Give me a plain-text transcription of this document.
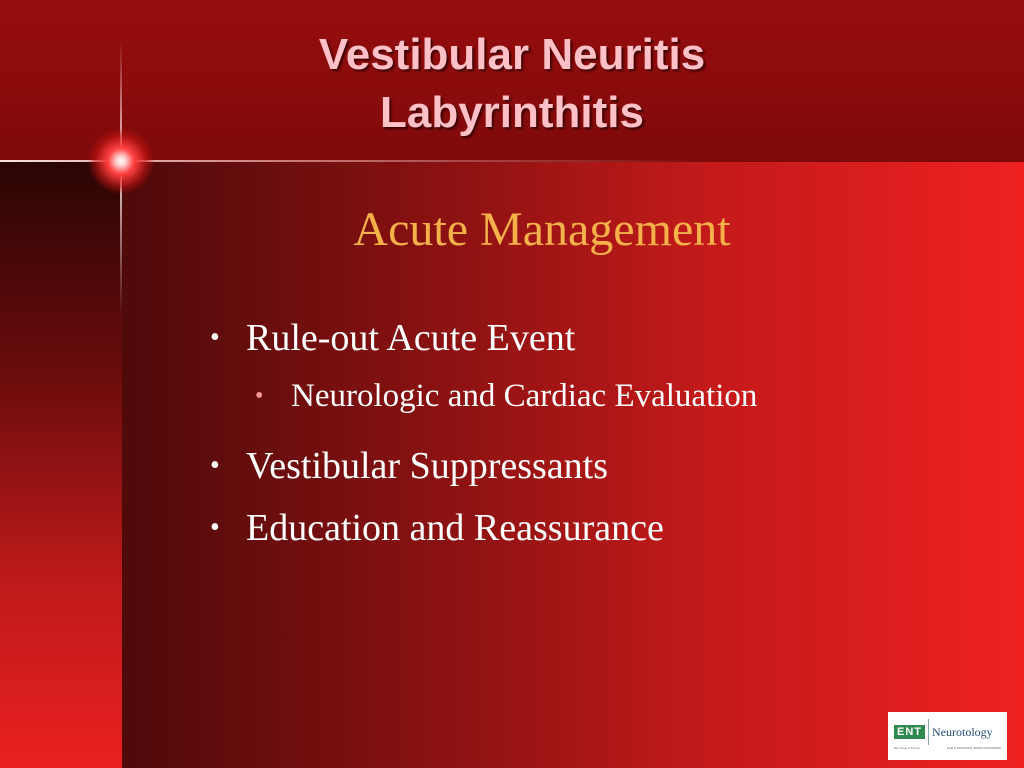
Vestibular Neuritis
Labyrinthitis
Acute Management
• Rule-out Acute Event
• Neurologic and Cardiac Evaluation
• Vestibular Suppressants
• Education and Reassurance
ENT Neurotology
Ear, Nose & Throat	EAR & TEMPORAL BONE DISORDERS
